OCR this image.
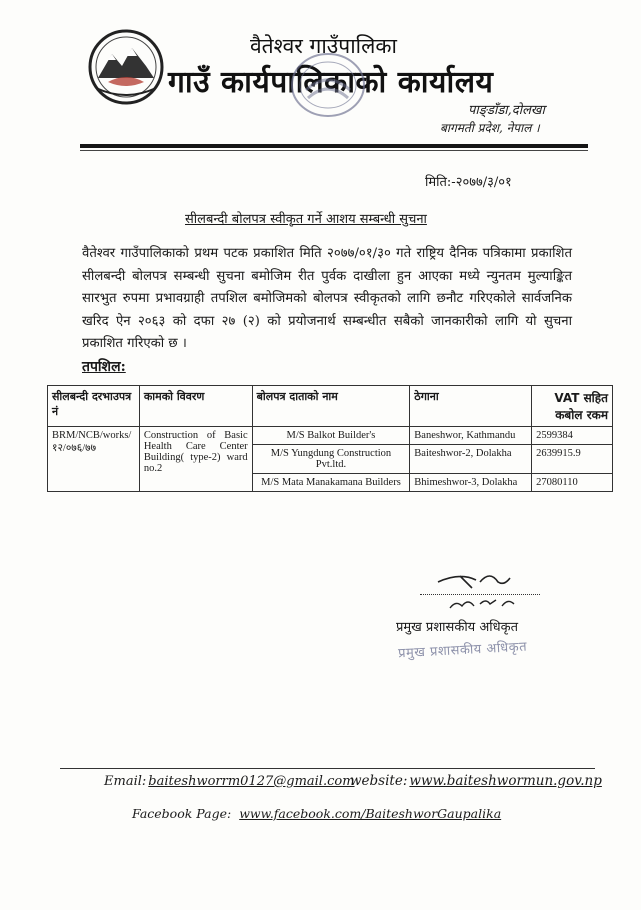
वैतेश्वर गाउँपालिका
गाउँ कार्यपालिकाको कार्यालय
पाङ्डाँडा,दोलखा
बागमती प्रदेश, नेपाल ।
मिति:-२०७७/३/०१
सीलबन्दी बोलपत्र स्वीकृत गर्ने आशय सम्बन्धी सुचना
वैतेश्वर गाउँपालिकाको प्रथम पटक प्रकाशित मिति २०७७/०१/३० गते राष्ट्रिय दैनिक पत्रिकामा प्रकाशित सीलबन्दी बोलपत्र सम्बन्धी सुचना बमोजिम रीत पुर्वक दाखीला हुन आएका मध्ये न्युनतम मुल्याङ्कित सारभुत रुपमा प्रभावग्राही तपशिल बमोजिमको बोलपत्र स्वीकृतको लागि छनौट गरिएकोले सार्वजनिक खरिद ऐन २०६३ को दफा २७ (२) को प्रयोजनार्थ सम्बन्धीत सबैको जानकारीको लागि यो सुचना प्रकाशित गरिएको छ ।
तपशिल:
सीलबन्दी दरभाउपत्र नं	कामको विवरण	बोलपत्र दाताको नाम	ठेगाना	VAT सहित
कबोल रकम

BRM/NCB/works/१२/०७६/७७	Construction of Basic Health Care Center Building( type-2) ward no.2	M/S Balkot Builder's	Baneshwor, Kathmandu	2599384
		M/S Yungdung Construction Pvt.ltd.	Baiteshwor-2, Dolakha	2639915.9
		M/S Mata Manakamana Builders	Bhimeshwor-3, Dolakha	27080110
प्रमुख प्रशासकीय अधिकृत
प्रमुख प्रशासकीय अधिकृत
Email: baiteshworrm0127@gmail.com
website: www.baiteshwormun.gov.np
Facebook Page: www.facebook.com/BaiteshworGaupalika
